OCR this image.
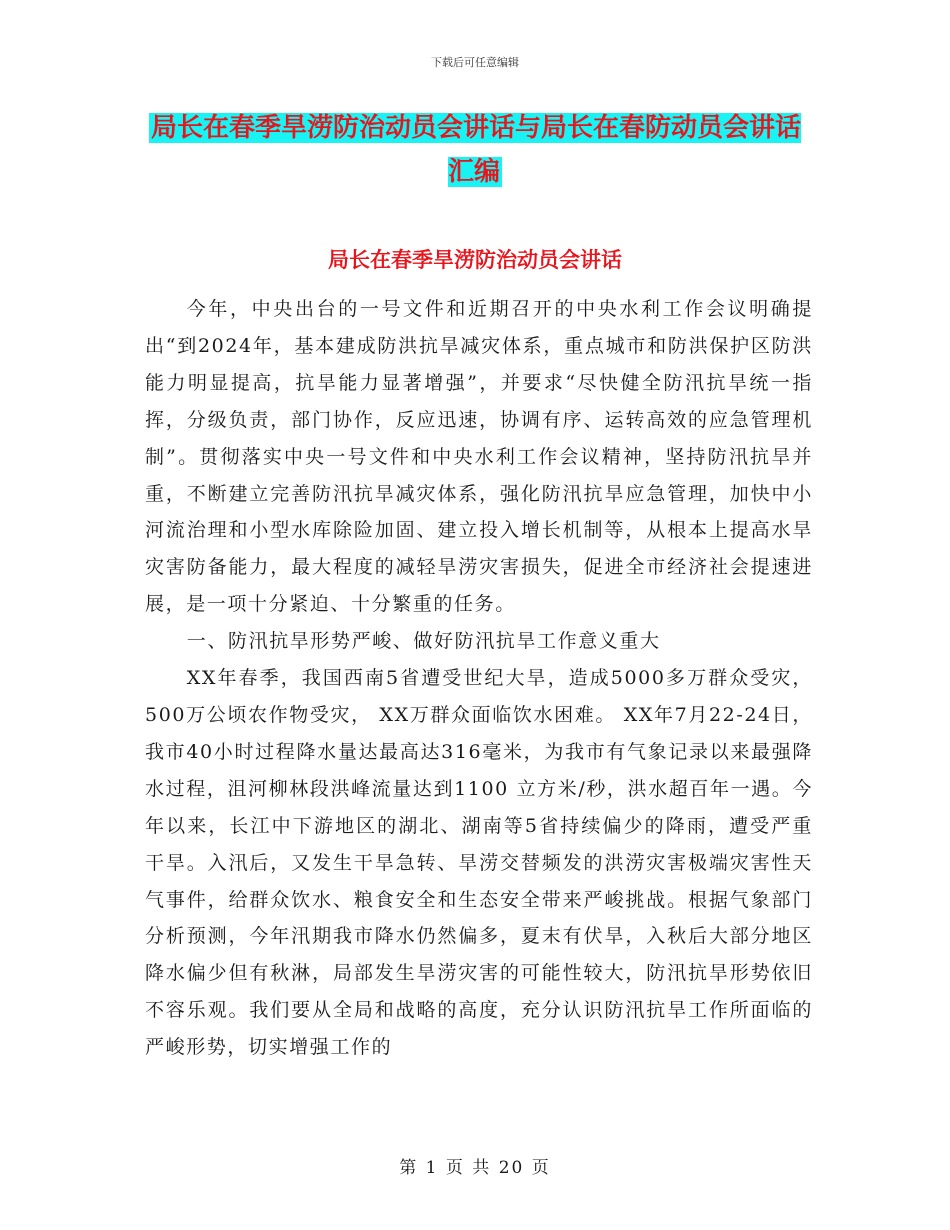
下载后可任意编辑
局长在春季旱涝防治动员会讲话与局长在春防动员会讲话汇编
局长在春季旱涝防治动员会讲话

今年，中央出台的一号文件和近期召开的中央水利工作会议明确提出“到2024年，基本建成防洪抗旱减灾体系，重点城市和防洪保护区防洪能力明显提高，抗旱能力显著增强”，并要求“尽快健全防汛抗旱统一指挥，分级负责，部门协作，反应迅速，协调有序、运转高效的应急管理机制”。贯彻落实中央一号文件和中央水利工作会议精神，坚持防汛抗旱并重，不断建立完善防汛抗旱减灾体系，强化防汛抗旱应急管理，加快中小河流治理和小型水库除险加固、建立投入增长机制等，从根本上提高水旱灾害防备能力，最大程度的减轻旱涝灾害损失，促进全市经济社会提速进展，是一项十分紧迫、十分繁重的任务。

一、防汛抗旱形势严峻、做好防汛抗旱工作意义重大

XX年春季，我国西南5省遭受世纪大旱，造成5000多万群众受灾，500万公顷农作物受灾， XX万群众面临饮水困难。 XX年7月22-24日， 我市40小时过程降水量达最高达316毫米，为我市有气象记录以来最强降水过程，沮河柳林段洪峰流量达到1100 立方米/秒，洪水超百年一遇。今年以来，长江中下游地区的湖北、湖南等5省持续偏少的降雨，遭受严重干旱。入汛后，又发生干旱急转、旱涝交替频发的洪涝灾害极端灾害性天气事件，给群众饮水、粮食安全和生态安全带来严峻挑战。根据气象部门分析预测，今年汛期我市降水仍然偏多，夏末有伏旱，入秋后大部分地区降水偏少但有秋淋，局部发生旱涝灾害的可能性较大，防汛抗旱形势依旧不容乐观。我们要从全局和战略的高度，充分认识防汛抗旱工作所面临的严峻形势，切实增强工作的

第 1 页 共 20 页
